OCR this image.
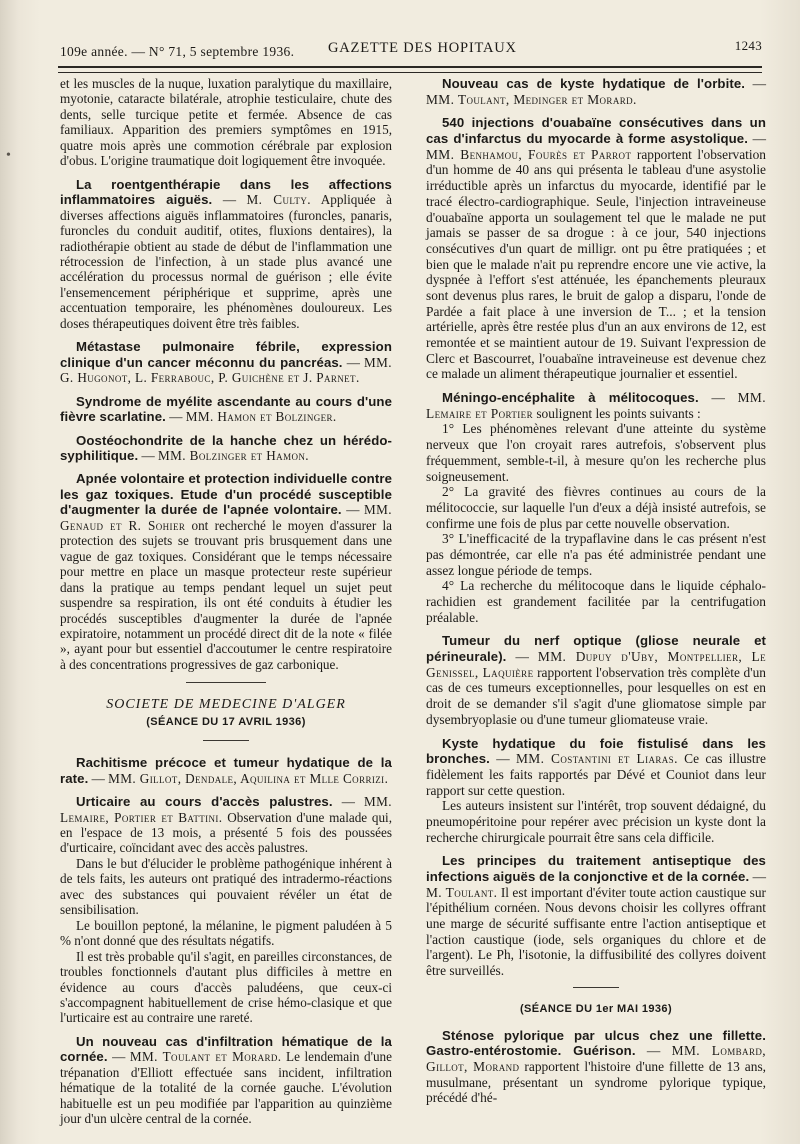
•
109e année. — N° 71, 5 septembre 1936. GAZETTE DES HOPITAUX	1243

et les muscles de la nuque, luxation paralytique du maxillaire, myotonie, cataracte bilatérale, atrophie testiculaire, chute des dents, selle turcique petite et fermée. Absence de cas familiaux. Apparition des premiers symptômes en 1915, quatre mois après une commotion cérébrale par explosion d'obus. L'origine traumatique doit logiquement être invoquée.

La roentgenthérapie dans les affections inflammatoires aiguës. — M. Culty. Appliquée à diverses affections aiguës inflammatoires (furoncles, panaris, furoncles du conduit auditif, otites, fluxions dentaires), la radiothérapie obtient au stade de début de l'inflammation une rétrocession de l'infection, à un stade plus avancé une accélération du processus normal de guérison ; elle évite l'ensemencement périphérique et supprime, après une accentuation temporaire, les phénomènes douloureux. Les doses thérapeutiques doivent être très faibles.

Métastase pulmonaire fébrile, expression clinique d'un cancer méconnu du pancréas. — MM. G. Hugonot, L. Ferrabouc, P. Guichène et J. Parnet.

Syndrome de myélite ascendante au cours d'une fièvre scarlatine. — MM. Hamon et Bolzinger.

Oostéochondrite de la hanche chez un hérédo-syphilitique. — MM. Bolzinger et Hamon.

Apnée volontaire et protection individuelle contre les gaz toxiques. Etude d'un procédé susceptible d'augmenter la durée de l'apnée volontaire. — MM. Genaud et R. Sohier ont recherché le moyen d'assurer la protection des sujets se trouvant pris brusquement dans une vague de gaz toxiques. Considérant que le temps nécessaire pour mettre en place un masque protecteur reste supérieur dans la pratique au temps pendant lequel un sujet peut suspendre sa respiration, ils ont été conduits à étudier les procédés susceptibles d'augmenter la durée de l'apnée expiratoire, notamment un procédé direct dit de la note « filée », ayant pour but essentiel d'accoutumer le centre respiratoire à des concentrations progressives de gaz carbonique.

SOCIETE DE MEDECINE D'ALGER
(SÉANCE DU 17 AVRIL 1936)

Rachitisme précoce et tumeur hydatique de la rate. — MM. Gillot, Dendale, Aquilina et Mlle Corrizi.

Urticaire au cours d'accès palustres. — MM. Lemaire, Portier et Battini. Observation d'une malade qui, en l'espace de 13 mois, a présenté 5 fois des poussées d'urticaire, coïncidant avec des accès palustres.

Dans le but d'élucider le problème pathogénique inhérent à de tels faits, les auteurs ont pratiqué des intradermo-réactions avec des substances qui pouvaient révéler un état de sensibilisation.

Le bouillon peptoné, la mélanine, le pigment paludéen à 5 % n'ont donné que des résultats négatifs.

Il est très probable qu'il s'agit, en pareilles circonstances, de troubles fonctionnels d'autant plus difficiles à mettre en évidence au cours d'accès paludéens, que ceux-ci s'accompagnent habituellement de crise hémo-clasique et que l'urticaire est au contraire une rareté.

Un nouveau cas d'infiltration hématique de la cornée. — MM. Toulant et Morard. Le lendemain d'une trépanation d'Elliott effectuée sans incident, infiltration hématique de la totalité de la cornée gauche. L'évolution habituelle est un peu modifiée par l'apparition au quinzième jour d'un ulcère central de la cornée.

Nouveau cas de kyste hydatique de l'orbite. — MM. Toulant, Medinger et Morard.

540 injections d'ouabaïne consécutives dans un cas d'infarctus du myocarde à forme asystolique. — MM. Benhamou, Fourès et Parrot rapportent l'observation d'un homme de 40 ans qui présenta le tableau d'une asystolie irréductible après un infarctus du myocarde, identifié par le tracé électro-cardiographique. Seule, l'injection intraveineuse d'ouabaïne apporta un soulagement tel que le malade ne put jamais se passer de sa drogue : à ce jour, 540 injections consécutives d'un quart de milligr. ont pu être pratiquées ; et bien que le malade n'ait pu reprendre encore une vie active, la dyspnée à l'effort s'est atténuée, les épanchements pleuraux sont devenus plus rares, le bruit de galop a disparu, l'onde de Pardée a fait place à une inversion de T... ; et la tension artérielle, après être restée plus d'un an aux environs de 12, est remontée et se maintient autour de 19. Suivant l'expression de Clerc et Bascourret, l'ouabaïne intraveineuse est devenue chez ce malade un aliment thérapeutique journalier et essentiel.

Méningo-encéphalite à mélitocoques. — MM. Lemaire et Portier soulignent les points suivants :

1° Les phénomènes relevant d'une atteinte du système nerveux que l'on croyait rares autrefois, s'observent plus fréquemment, semble-t-il, à mesure qu'on les recherche plus soigneusement.

2° La gravité des fièvres continues au cours de la mélitococcie, sur laquelle l'un d'eux a déjà insisté autrefois, se confirme une fois de plus par cette nouvelle observation.

3° L'inefficacité de la trypaflavine dans le cas présent n'est pas démontrée, car elle n'a pas été administrée pendant une assez longue période de temps.

4° La recherche du mélitocoque dans le liquide céphalo-rachidien est grandement facilitée par la centrifugation préalable.

Tumeur du nerf optique (gliose neurale et périneurale). — MM. Dupuy d'Uby, Montpellier, Le Genissel, Laquière rapportent l'observation très complète d'un cas de ces tumeurs exceptionnelles, pour lesquelles on est en droit de se demander s'il s'agit d'une gliomatose simple par dysembryoplasie ou d'une tumeur gliomateuse vraie.

Kyste hydatique du foie fistulisé dans les bronches. — MM. Costantini et Liaras. Ce cas illustre fidèlement les faits rapportés par Dévé et Couniot dans leur rapport sur cette question.

Les auteurs insistent sur l'intérêt, trop souvent dédaigné, du pneumopéritoine pour repérer avec précision un kyste dont la recherche chirurgicale pourrait être sans cela difficile.

Les principes du traitement antiseptique des infections aiguës de la conjonctive et de la cornée. — M. Toulant. Il est important d'éviter toute action caustique sur l'épithélium cornéen. Nous devons choisir les collyres offrant une marge de sécurité suffisante entre l'action antiseptique et l'action caustique (iode, sels organiques du chlore et de l'argent). Le Ph, l'isotonie, la diffusibilité des collyres doivent être surveillés.

(SÉANCE DU 1er MAI 1936)

Sténose pylorique par ulcus chez une fillette. Gastro-entérostomie. Guérison. — MM. Lombard, Gillot, Morand rapportent l'histoire d'une fillette de 13 ans, musulmane, présentant un syndrome pylorique typique, précédé d'hé-
